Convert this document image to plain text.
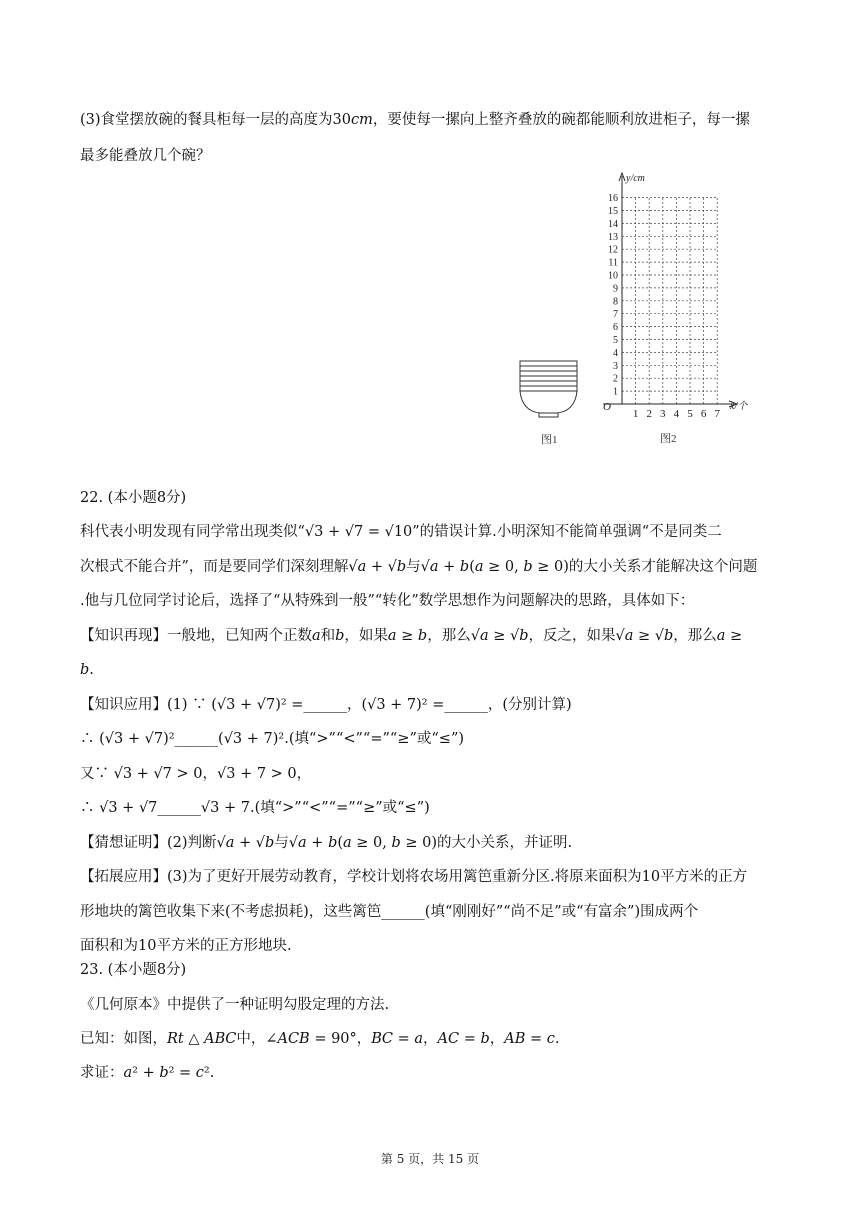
(3)食堂摆放碗的餐具柜每一层的高度为30𝑐𝑚，要使每一摞向上整齐叠放的碗都能顺利放进柜子，每一摞
最多能叠放几个碗？
图1
y/cm
x/个
O
1
2
3
4
5
6
7
8
9
10
11
12
13
14
15
16
1 2 3 4 5 6 7
图2
22. (本小题8分)
科代表小明发现有同学常出现类似“√3 + √7 = √10”的错误计算.小明深知不能简单强调“不是同类二
次根式不能合并”，而是要同学们深刻理解√𝑎 + √𝑏与√𝑎 + 𝑏(𝑎 ≥ 0, 𝑏 ≥ 0)的大小关系才能解决这个问题
.他与几位同学讨论后，选择了“从特殊到一般”“转化”数学思想作为问题解决的思路，具体如下：
【知识再现】一般地，已知两个正数𝑎和𝑏，如果𝑎 ≥ 𝑏，那么√𝑎 ≥ √𝑏，反之，如果√𝑎 ≥ √𝑏，那么𝑎 ≥
𝑏.
【知识应用】(1) ∵ (√3 + √7)² =______，(√3 + 7)² =______，(分别计算)
∴ (√3 + √7)²______(√3 + 7)².(填“>”“<”“=”“≥”或“≤”)
又∵ √3 + √7 > 0，√3 + 7 > 0，
∴ √3 + √7______√3 + 7.(填“>”“<”“=”“≥”或“≤”)
【猜想证明】(2)判断√𝑎 + √𝑏与√𝑎 + 𝑏(𝑎 ≥ 0, 𝑏 ≥ 0)的大小关系，并证明.
【拓展应用】(3)为了更好开展劳动教育，学校计划将农场用篱笆重新分区.将原来面积为10平方米的正方
形地块的篱笆收集下来(不考虑损耗)，这些篱笆______(填“刚刚好”“尚不足”或“有富余”)围成两个
面积和为10平方米的正方形地块.
23. (本小题8分)
《几何原本》中提供了一种证明勾股定理的方法.
已知：如图，𝑅𝑡 △ 𝐴𝐵𝐶中，∠𝐴𝐶𝐵 = 90°，𝐵𝐶 = 𝑎，𝐴𝐶 = 𝑏，𝐴𝐵 = 𝑐.
求证：𝑎² + 𝑏² = 𝑐².
第 5 页，共 15 页
